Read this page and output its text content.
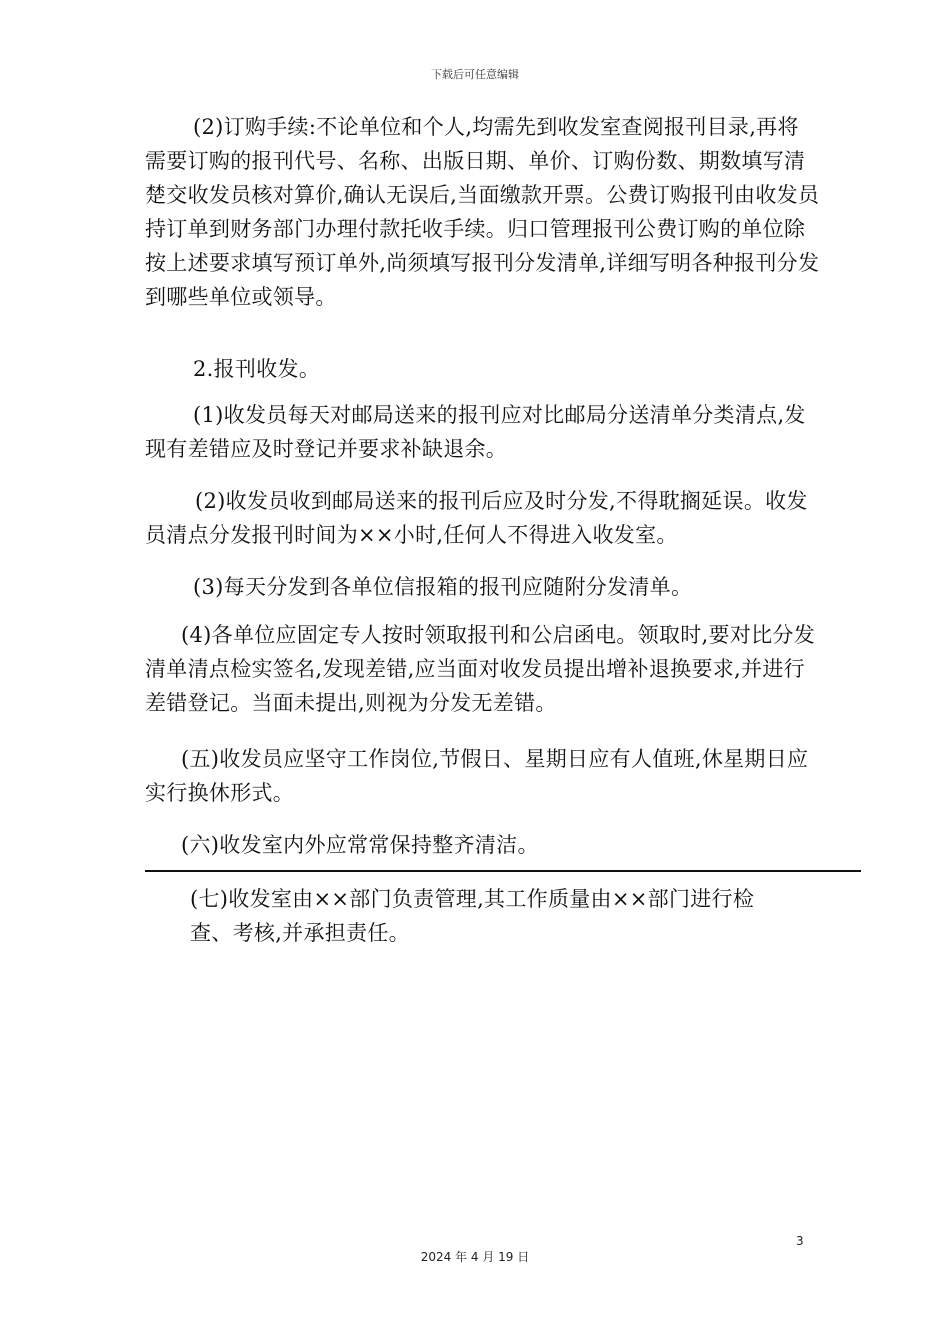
下载后可任意编辑

(2)订购手续:不论单位和个人,均需先到收发室查阅报刊目录,再将需要订购的报刊代号、名称、出版日期、单价、订购份数、期数填写清楚交收发员核对算价,确认无误后,当面缴款开票。公费订购报刊由收发员持订单到财务部门办理付款托收手续。归口管理报刊公费订购的单位除按上述要求填写预订单外,尚须填写报刊分发清单,详细写明各种报刊分发到哪些单位或领导。

2.报刊收发。

(1)收发员每天对邮局送来的报刊应对比邮局分送清单分类清点,发现有差错应及时登记并要求补缺退余。

(2)收发员收到邮局送来的报刊后应及时分发,不得耽搁延误。收发员清点分发报刊时间为××小时,任何人不得进入收发室。

(3)每天分发到各单位信报箱的报刊应随附分发清单。

(4)各单位应固定专人按时领取报刊和公启函电。领取时,要对比分发清单清点检实签名,发现差错,应当面对收发员提出增补退换要求,并进行差错登记。当面未提出,则视为分发无差错。

(五)收发员应坚守工作岗位,节假日、星期日应有人值班,休星期日应实行换休形式。

(六)收发室内外应常常保持整齐清洁。

(七)收发室由××部门负责管理,其工作质量由××部门进行检查、考核,并承担责任。

3
2024 年 4 月 19 日
